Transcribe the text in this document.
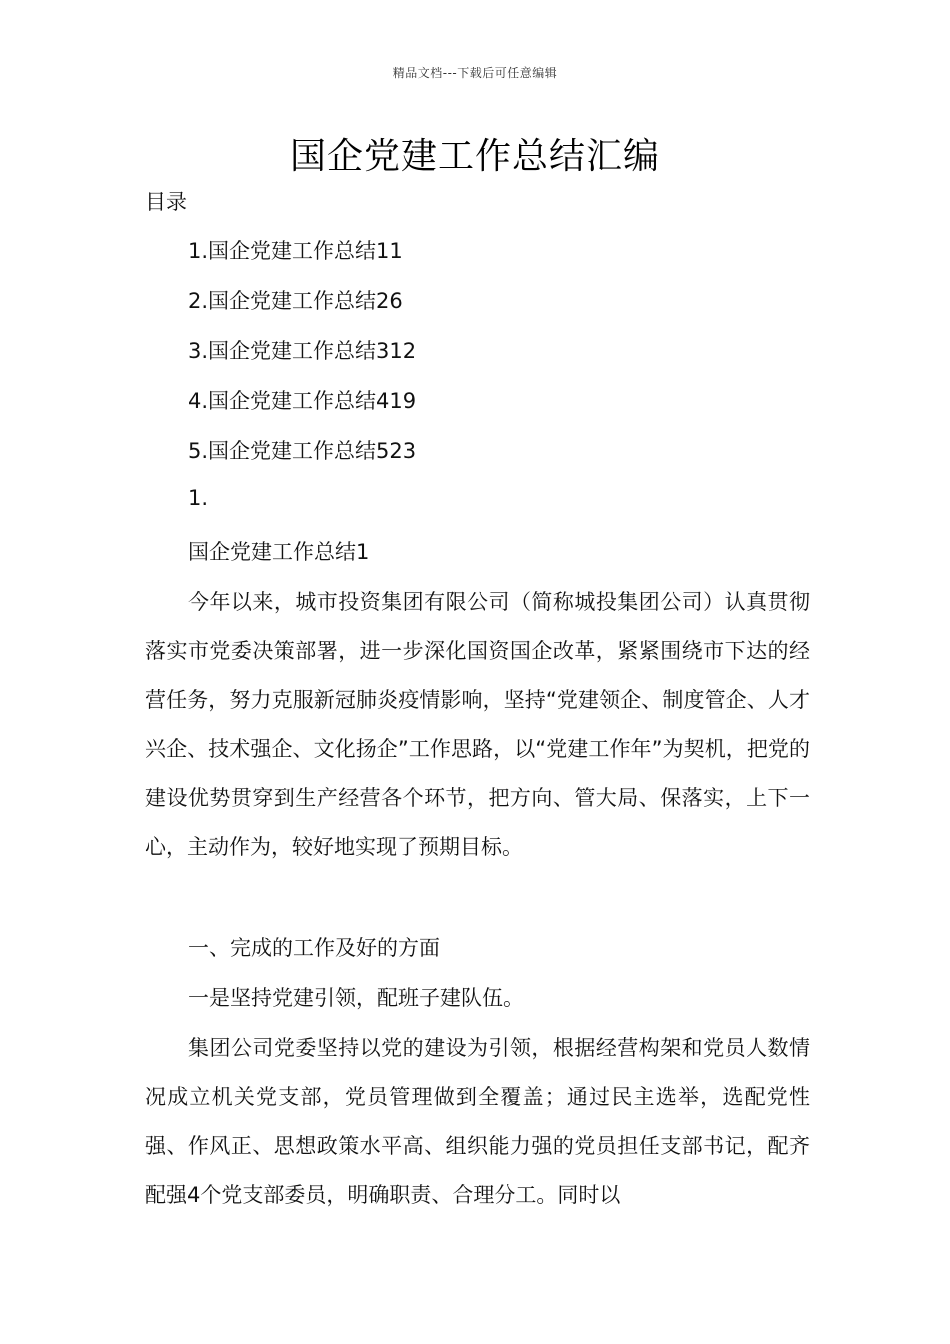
精品文档---下载后可任意编辑
国企党建工作总结汇编
目录
1.国企党建工作总结11
2.国企党建工作总结26
3.国企党建工作总结312
4.国企党建工作总结419
5.国企党建工作总结523
1.
国企党建工作总结1

今年以来，城市投资集团有限公司（简称城投集团公司）认真贯彻落实市党委决策部署，进一步深化国资国企改革，紧紧围绕市下达的经营任务，努力克服新冠肺炎疫情影响，坚持“党建领企、制度管企、人才兴企、技术强企、文化扬企”工作思路，以“党建工作年”为契机，把党的建设优势贯穿到生产经营各个环节，把方向、管大局、保落实，上下一心，主动作为，较好地实现了预期目标。

一、完成的工作及好的方面
一是坚持党建引领，配班子建队伍。

集团公司党委坚持以党的建设为引领，根据经营构架和党员人数情况成立机关党支部，党员管理做到全覆盖；通过民主选举，选配党性强、作风正、思想政策水平高、组织能力强的党员担任支部书记，配齐配强4个党支部委员，明确职责、合理分工。同时以
